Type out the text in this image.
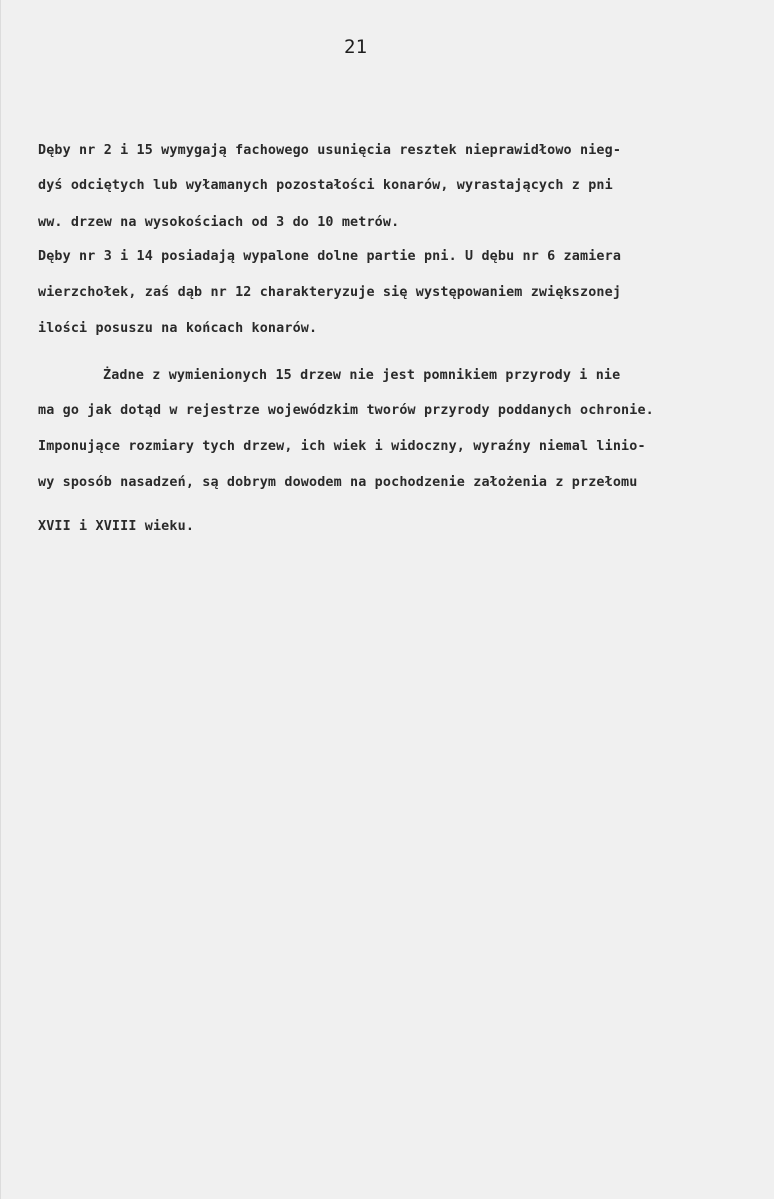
21
Dęby nr 2 i 15 wymygają fachowego usunięcia resztek nieprawidłowo nieg-
dyś odciętych lub wyłamanych pozostałości konarów, wyrastających z pni
ww. drzew na wysokościach od 3 do 10 metrów.
Dęby nr 3 i 14 posiadają wypalone dolne partie pni. U dębu nr 6 zamiera
wierzchołek, zaś dąb nr 12 charakteryzuje się występowaniem zwiększonej
ilości posuszu na końcach konarów.
Żadne z wymienionych 15 drzew nie jest pomnikiem przyrody i nie
ma go jak dotąd w rejestrze wojewódzkim tworów przyrody poddanych ochronie.
Imponujące rozmiary tych drzew, ich wiek i widoczny, wyraźny niemal linio-
wy sposób nasadzeń, są dobrym dowodem na pochodzenie założenia z przełomu
XVII i XVIII wieku.
